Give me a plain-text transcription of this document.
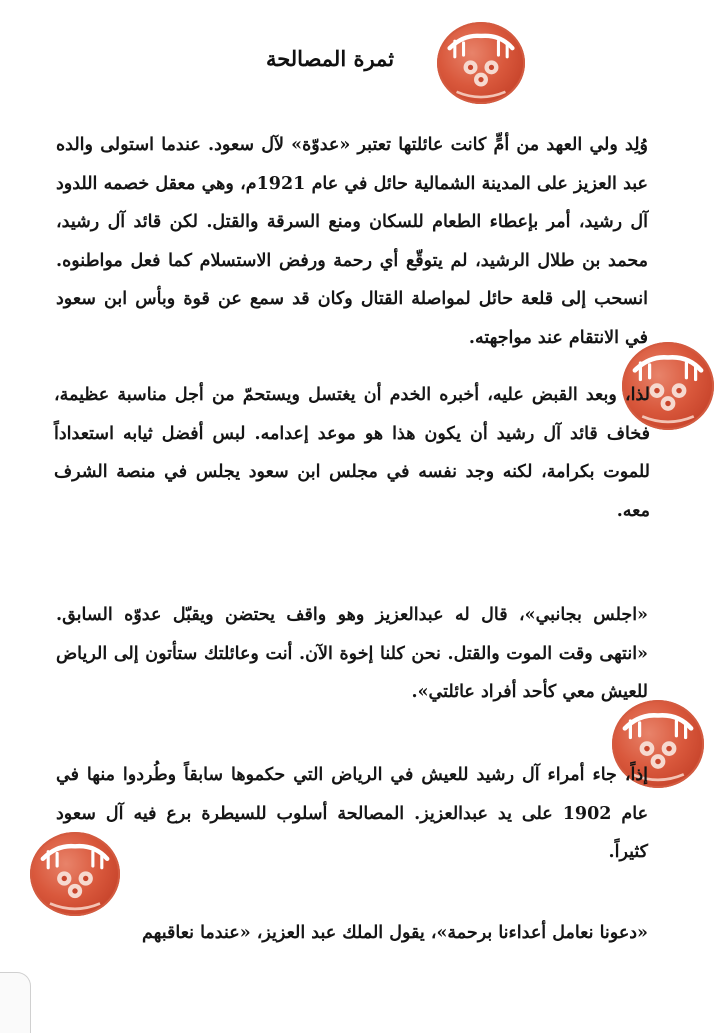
ثمرة المصالحة

وُلِد ولي العهد من أمٍّ كانت عائلتها تعتبر «عدوّة» لآل سعود. عندما استولى والده عبد العزيز على المدينة الشمالية حائل في عام 1921م، وهي معقل خصمه اللدود آل رشيد، أمر بإعطاء الطعام للسكان ومنع السرقة والقتل. لكن قائد آل رشيد، محمد بن طلال الرشيد، لم يتوقّع أي رحمة ورفض الاستسلام كما فعل مواطنوه. انسحب إلى قلعة حائل لمواصلة القتال وكان قد سمع عن قوة وبأس ابن سعود في الانتقام عند مواجهته.

لذا، وبعد القبض عليه، أخبره الخدم أن يغتسل ويستحمّ من أجل مناسبة عظيمة، فخاف قائد آل رشيد أن يكون هذا هو موعد إعدامه. لبس أفضل ثيابه استعداداً للموت بكرامة، لكنه وجد نفسه في مجلس ابن سعود يجلس في منصة الشرف معه.

«اجلس بجانبي»، قال له عبدالعزيز وهو واقف يحتضن ويقبّل عدوّه السابق. «انتهى وقت الموت والقتل. نحن كلنا إخوة الآن. أنت وعائلتك ستأتون إلى الرياض للعيش معي كأحد أفراد عائلتي».

إذاً، جاء أمراء آل رشيد للعيش في الرياض التي حكموها سابقاً وطُردوا منها في عام 1902 على يد عبدالعزيز. المصالحة أسلوب للسيطرة برع فيه آل سعود كثيراً.

«دعونا نعامل أعداءنا برحمة»، يقول الملك عبد العزيز، «عندما نعاقبهم
